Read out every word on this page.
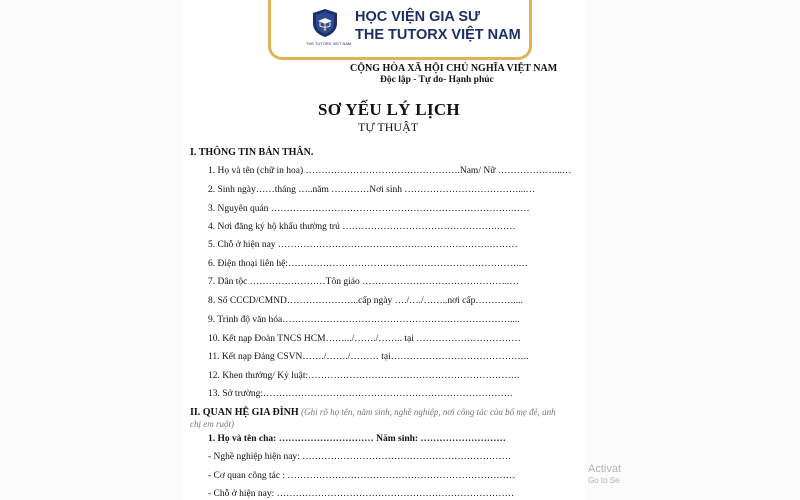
THE TUTORX VIET NAM
HỌC VIỆN GIA SƯ
THE TUTORX VIỆT NAM
CỘNG HÒA XÃ HỘI CHỦ NGHĨA VIỆT NAM
Độc lập - Tự do- Hạnh phúc
SƠ YẾU LÝ LỊCH
TỰ THUẬT
I. THÔNG TIN BẢN THÂN.
1. Họ và tên (chữ in hoa) ………………………………………….Nam/ Nữ ………………...…
2. Sinh ngày……tháng …..năm …………Nơi sinh ………………………………...…
3. Nguyên quán ………………………………………………………………….……
4. Nơi đăng ký hộ khẩu thường trú ………………………………………….……
5. Chỗ ở hiện nay ………………………………………………………….………
6. Điện thoại liên hệ:……………………………………………………………….…
7. Dân tộc ……………………Tôn giáo ………………………………………..…
8. Số CCCD/CMND…………………..cấp ngày …./…./……..nơi cấp…………....
9. Trình độ văn hóa………………………………………………………………....
10. Kết nạp Đoàn TNCS HCM…….../……./…….. tại ……………………………
11. Kết nạp Đảng CSVN……./……./……… tại……………………………………..
12. Khen thưởng/ Kỷ luật:………………………………………………………….
13. Sở trường:…………………………………………………………………….
II. QUAN HỆ GIA ĐÌNH (Ghi rõ họ tên, năm sinh, nghề nghiệp, nơi công tác của bố mẹ đẻ, anh
chị em ruột)
1. Họ và tên cha: ………………………… Năm sinh: ………………………
- Nghề nghiệp hiện nay: …………………………………………………………
- Cơ quan công tác : ………………………………………………………………
- Chỗ ở hiện nay: …………………………………………………………………
Activat
Go to Se
